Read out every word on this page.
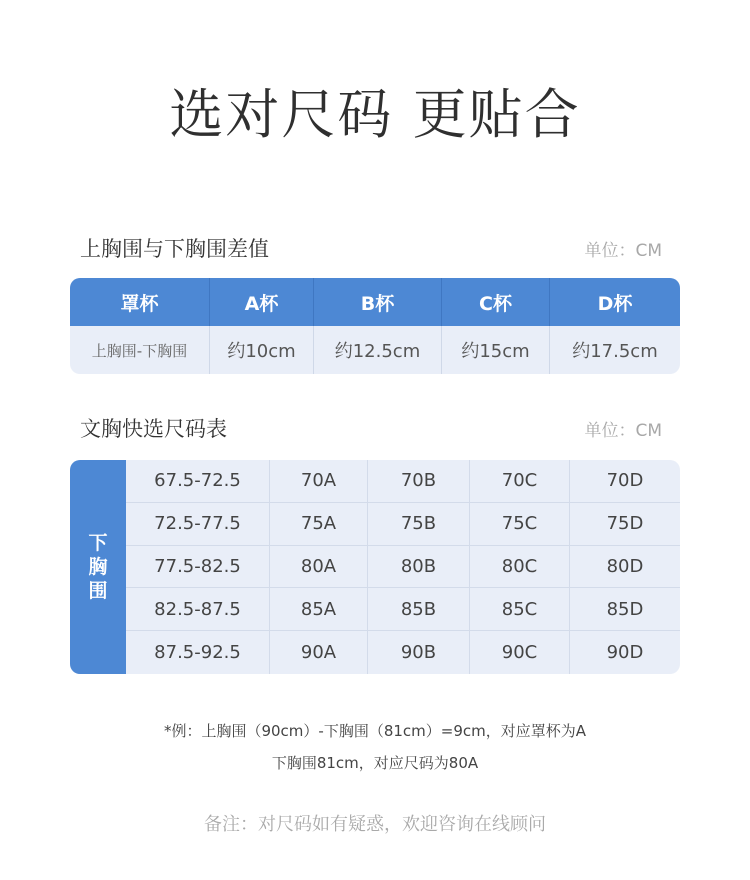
选对尺码 更贴合
上胸围与下胸围差值	单位：CM
罩杯	A杯	B杯	C杯	D杯
上胸围-下胸围	约10cm	约12.5cm	约15cm	约17.5cm
文胸快选尺码表	单位：CM
下
胸
围
67.5-72.5	70A	70B	70C	70D
72.5-77.5	75A	75B	75C	75D
77.5-82.5	80A	80B	80C	80D
82.5-87.5	85A	85B	85C	85D
87.5-92.5	90A	90B	90C	90D
*例：上胸围（90cm）-下胸围（81cm）=9cm，对应罩杯为A
下胸围81cm，对应尺码为80A
备注：对尺码如有疑惑，欢迎咨询在线顾问
